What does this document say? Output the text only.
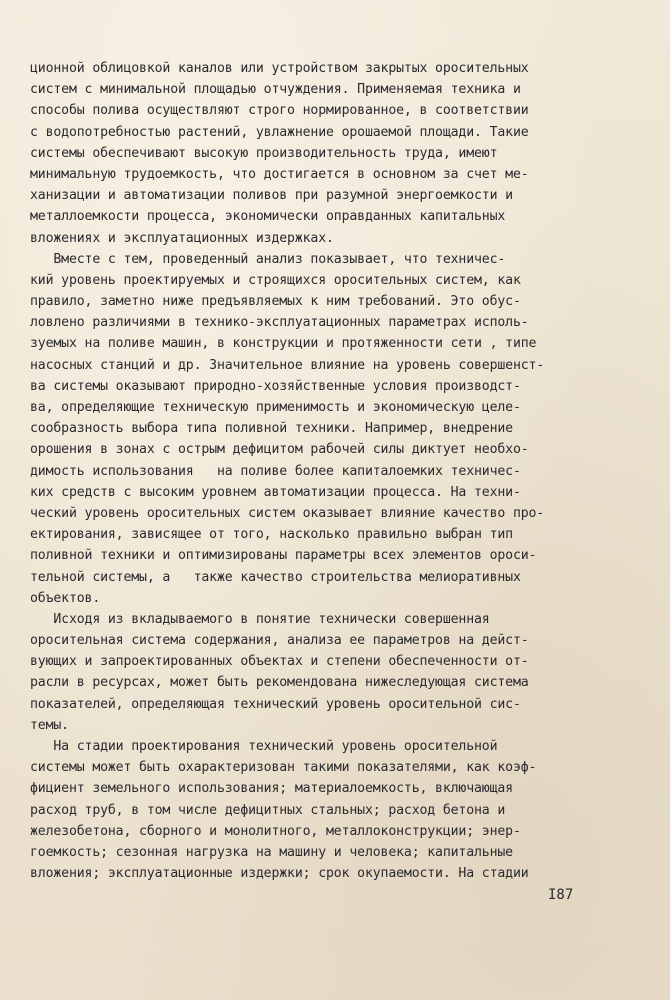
ционной облицовкой каналов или устройством закрытых оросительных
систем с минимальной площадью отчуждения. Применяемая техника и
способы полива осуществляют строго нормированное, в соответствии
с водопотребностью растений, увлажнение орошаемой площади. Такие
системы обеспечивают высокую производительность труда, имеют
минимальную трудоемкость, что достигается в основном за счет ме-
ханизации и автоматизации поливов при разумной энергоемкости и
металлоемкости процесса, экономически оправданных капитальных
вложениях и эксплуатационных издержках.
Вместе с тем, проведенный анализ показывает, что техничес-
кий уровень проектируемых и строящихся оросительных систем, как
правило, заметно ниже предъявляемых к ним требований. Это обус-
ловлено различиями в технико-эксплуатационных параметрах исполь-
зуемых на поливе машин, в конструкции и протяженности сети , типе
насосных станций и др. Значительное влияние на уровень совершенст-
ва системы оказывают природно-хозяйственные условия производст-
ва, определяющие техническую применимость и экономическую целе-
сообразность выбора типа поливной техники. Например, внедрение
орошения в зонах с острым дефицитом рабочей силы диктует необхо-
димость использования   на поливе более капиталоемких техничес-
ких средств с высоким уровнем автоматизации процесса. На техни-
ческий уровень оросительных систем оказывает влияние качество про-
ектирования, зависящее от того, насколько правильно выбран тип
поливной техники и оптимизированы параметры всех элементов ороси-
тельной системы, а   также качество строительства мелиоративных
объектов.
Исходя из вкладываемого в понятие технически совершенная
оросительная система содержания, анализа ее параметров на дейст-
вующих и запроектированных объектах и степени обеспеченности от-
расли в ресурсах, может быть рекомендована нижеследующая система
показателей, определяющая технический уровень оросительной сис-
темы.
На стадии проектирования технический уровень оросительной
системы может быть охарактеризован такими показателями, как коэф-
фициент земельного использования; материалоемкость, включающая
расход труб, в том числе дефицитных стальных; расход бетона и
железобетона, сборного и монолитного, металлоконструкции; энер-
гоемкость; сезонная нагрузка на машину и человека; капитальные
вложения; эксплуатационные издержки; срок окупаемости. На стадии
I87
